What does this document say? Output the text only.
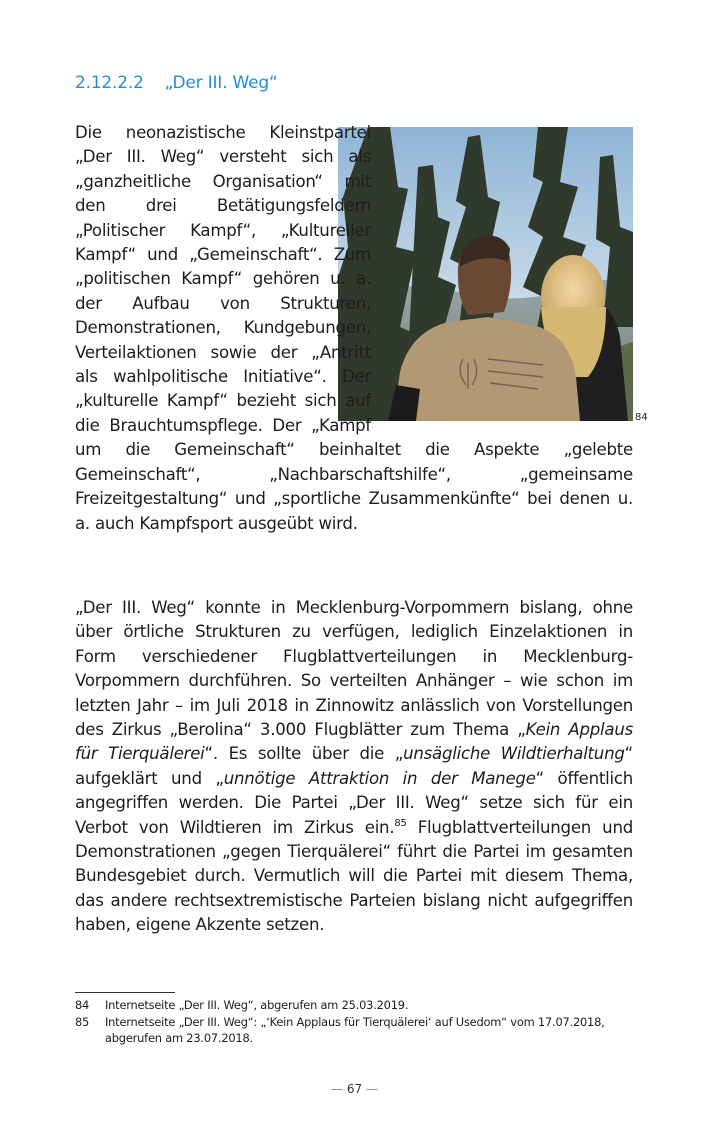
2.12.2.2    „Der III. Weg“
84
Die neonazistische Kleinstpartei „Der III. Weg“ versteht sich als „ganzheitliche Organisation“ mit den drei Betätigungsfeldern „Politischer Kampf“, „Kultureller Kampf“ und „Gemeinschaft“. Zum „politischen Kampf“ gehören u. a. der Aufbau von Strukturen, Demonstrationen, Kundgebungen, Verteilaktionen sowie der „Antritt als wahlpolitische Initiative“. Der „kulturelle Kampf“ bezieht sich auf die Brauchtumspflege. Der „Kampf um die Gemeinschaft“ beinhaltet die Aspekte „gelebte Gemeinschaft“, „Nachbarschaftshilfe“, „gemeinsame Freizeitgestaltung“ und „sportliche Zusammenkünfte“ bei denen u. a. auch Kampfsport ausgeübt wird.
„Der III. Weg“ konnte in Mecklenburg-Vorpommern bislang, ohne über örtliche Strukturen zu verfügen, lediglich Einzelaktionen in Form verschiedener Flugblattverteilungen in Mecklenburg-Vorpommern durchführen. So verteilten Anhänger – wie schon im letzten Jahr – im Juli 2018 in Zinnowitz anlässlich von Vorstellungen des Zirkus „Berolina“ 3.000 Flugblätter zum Thema „Kein Applaus für Tierquälerei“. Es sollte über die „unsägliche Wildtierhaltung“ aufgeklärt und „unnötige Attraktion in der Manege“ öffentlich angegriffen werden. Die Partei „Der III. Weg“ setze sich für ein Verbot von Wildtieren im Zirkus ein.$^{85}$ Flugblattverteilungen und Demonstrationen „gegen Tierquälerei“ führt die Partei im gesamten Bundesgebiet durch. Vermutlich will die Partei mit diesem Thema, das andere rechtsextremistische Parteien bislang nicht aufgegriffen haben, eigene Akzente setzen.
84 Internetseite „Der III. Weg“, abgerufen am 25.03.2019.
85 Internetseite „Der III. Weg“: „‘Kein Applaus für Tierquälerei‘ auf Usedom“ vom 17.07.2018, abgerufen am 23.07.2018.
— 67 —
